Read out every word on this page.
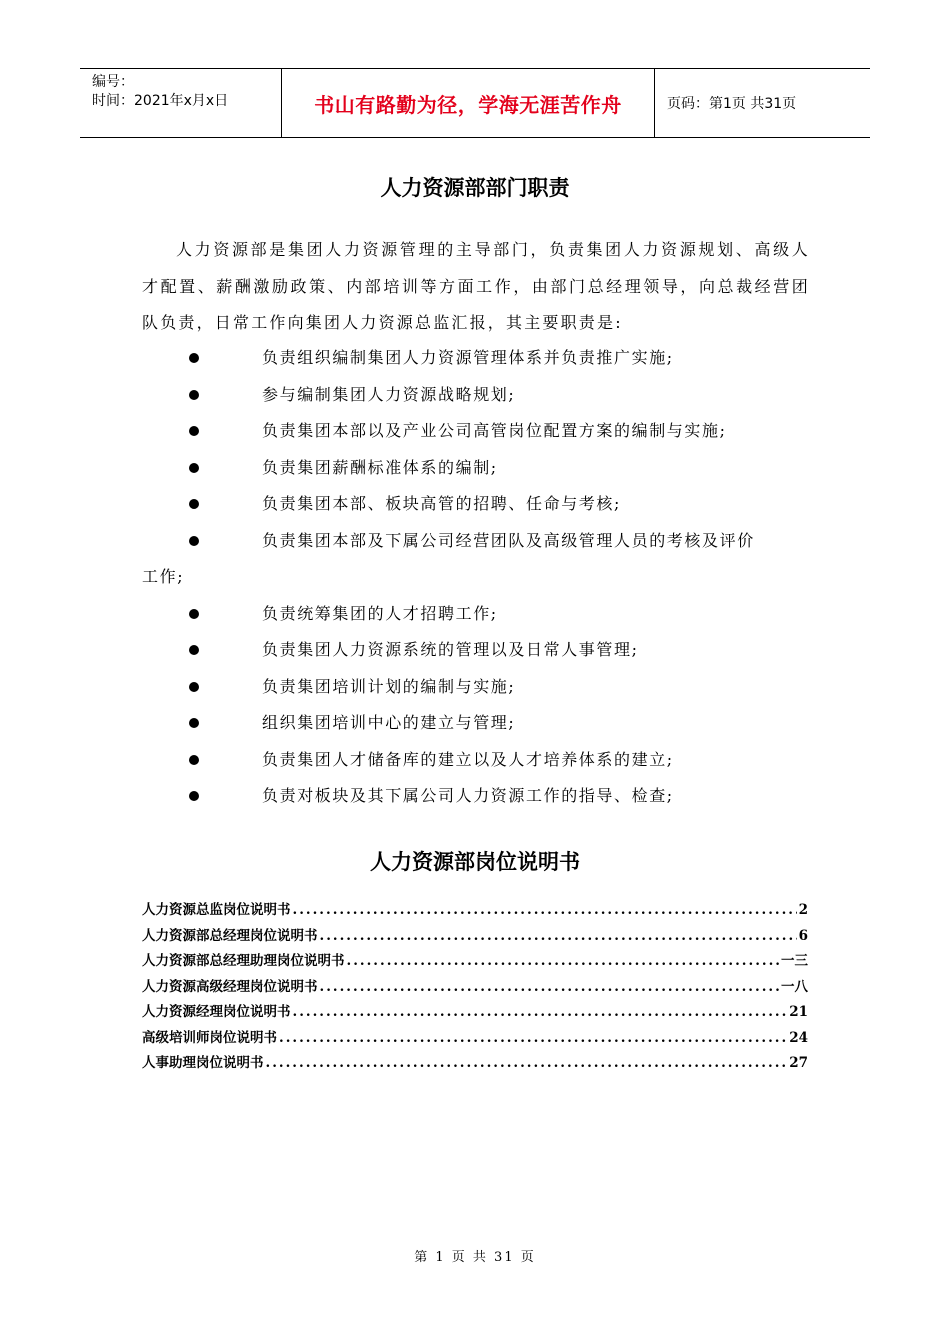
编号：
时间：2021年x月x日	书山有路勤为径，学海无涯苦作舟	页码：第1页 共31页
人力资源部部门职责

人力资源部是集团人力资源管理的主导部门，负责集团人力资源规划、高级人才配置、薪酬激励政策、内部培训等方面工作，由部门总经理领导，向总裁经营团队负责，日常工作向集团人力资源总监汇报，其主要职责是:

负责组织编制集团人力资源管理体系并负责推广实施;
参与编制集团人力资源战略规划;
负责集团本部以及产业公司高管岗位配置方案的编制与实施;
负责集团薪酬标准体系的编制;
负责集团本部、板块高管的招聘、任命与考核;
负责集团本部及下属公司经营团队及高级管理人员的考核及评价
工作;
负责统筹集团的人才招聘工作;
负责集团人力资源系统的管理以及日常人事管理;
负责集团培训计划的编制与实施;
组织集团培训中心的建立与管理;
负责集团人才储备库的建立以及人才培养体系的建立;
负责对板块及其下属公司人力资源工作的指导、检查;
人力资源部岗位说明书
人力资源总监岗位说明书 .....	2
人力资源部总经理岗位说明书 .....	6
人力资源部总经理助理岗位说明书 .....	一三
人力资源高级经理岗位说明书 .....	一八
人力资源经理岗位说明书 .....	21
高级培训师岗位说明书 .....	24
人事助理岗位说明书 .....	27
第 1 页 共 31 页
